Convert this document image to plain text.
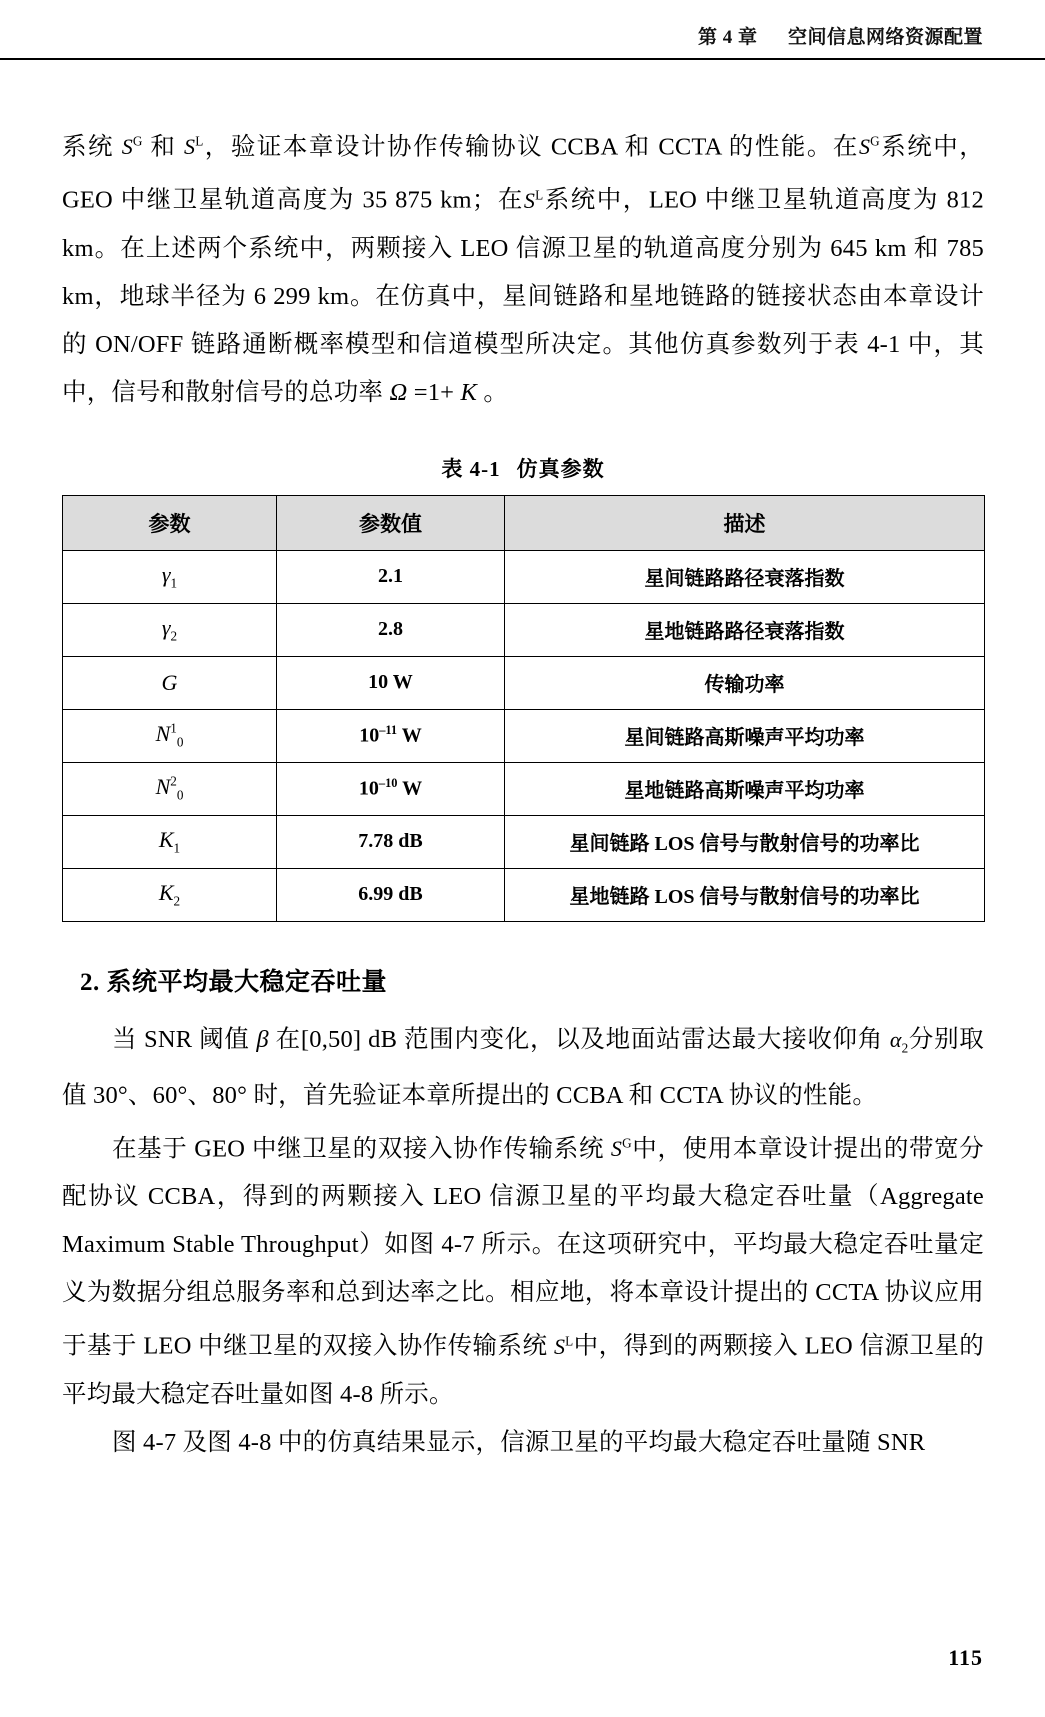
第 4 章 空间信息网络资源配置

系统 $S^G$ 和 $S^L$，验证本章设计协作传输协议 CCBA 和 CCTA 的性能。在$S^G$系统中，GEO 中继卫星轨道高度为 35 875 km；在$S^L$系统中，LEO 中继卫星轨道高度为 812 km。在上述两个系统中，两颗接入 LEO 信源卫星的轨道高度分别为 645 km 和 785 km，地球半径为 6 299 km。在仿真中，星间链路和星地链路的链接状态由本章设计的 ON/OFF 链路通断概率模型和信道模型所决定。其他仿真参数列于表 4-1 中，其中，信号和散射信号的总功率 Ω =1+ K 。

表 4-1 仿真参数
参数	参数值	描述
$\gamma_1$	2.1	星间链路路径衰落指数
$\gamma_2$	2.8	星地链路路径衰落指数
G	10 W	传输功率
$N^1_0$	$10^{-11}$ W	星间链路高斯噪声平均功率
$N^2_0$	$10^{-10}$ W	星地链路高斯噪声平均功率
$K_1$	7.78 dB	星间链路 LOS 信号与散射信号的功率比
$K_2$	6.99 dB	星地链路 LOS 信号与散射信号的功率比
2. 系统平均最大稳定吞吐量

当 SNR 阈值 β 在[0,50] dB 范围内变化，以及地面站雷达最大接收仰角 $\alpha_2$分别取值 30°、60°、80° 时，首先验证本章所提出的 CCBA 和 CCTA 协议的性能。

在基于 GEO 中继卫星的双接入协作传输系统 $S^G$中，使用本章设计提出的带宽分配协议 CCBA，得到的两颗接入 LEO 信源卫星的平均最大稳定吞吐量（Aggregate Maximum Stable Throughput）如图 4-7 所示。在这项研究中，平均最大稳定吞吐量定义为数据分组总服务率和总到达率之比。相应地，将本章设计提出的 CCTA 协议应用于基于 LEO 中继卫星的双接入协作传输系统 $S^L$中，得到的两颗接入 LEO 信源卫星的平均最大稳定吞吐量如图 4-8 所示。

图 4-7 及图 4-8 中的仿真结果显示，信源卫星的平均最大稳定吞吐量随 SNR

115
